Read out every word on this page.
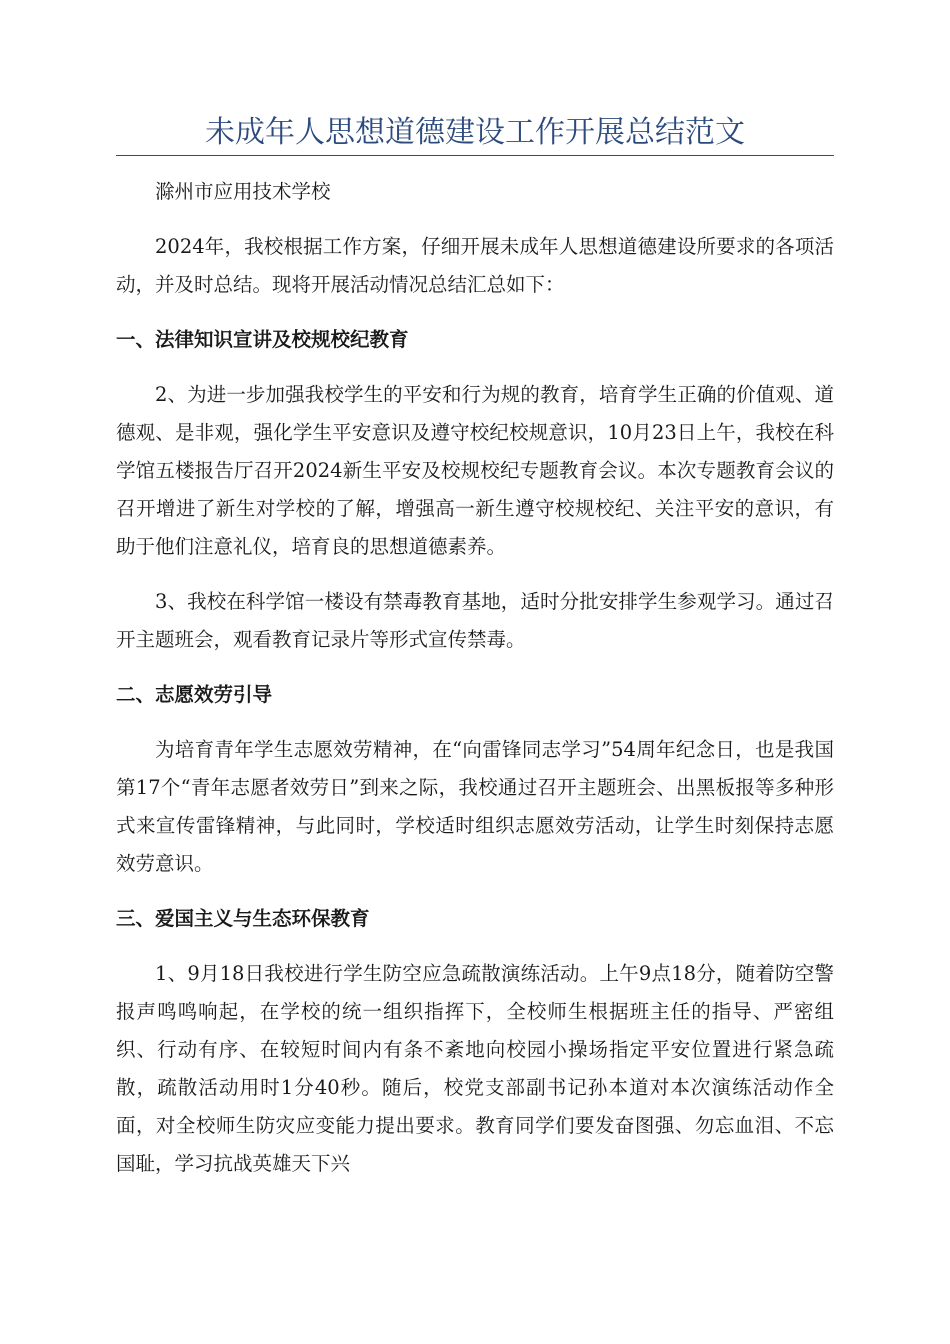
未成年人思想道德建设工作开展总结范文

滁州市应用技术学校

2024年，我校根据工作方案，仔细开展未成年人思想道德建设所要求的各项活动，并及时总结。现将开展活动情况总结汇总如下：

一、法律知识宣讲及校规校纪教育

2、为进一步加强我校学生的平安和行为规的教育，培育学生正确的价值观、道德观、是非观，强化学生平安意识及遵守校纪校规意识，10月23日上午，我校在科学馆五楼报告厅召开2024新生平安及校规校纪专题教育会议。本次专题教育会议的召开增进了新生对学校的了解，增强高一新生遵守校规校纪、关注平安的意识，有助于他们注意礼仪，培育良的思想道德素养。

3、我校在科学馆一楼设有禁毒教育基地，适时分批安排学生参观学习。通过召开主题班会，观看教育记录片等形式宣传禁毒。

二、志愿效劳引导

为培育青年学生志愿效劳精神，在“向雷锋同志学习”54周年纪念日，也是我国第17个“青年志愿者效劳日”到来之际，我校通过召开主题班会、出黑板报等多种形式来宣传雷锋精神，与此同时，学校适时组织志愿效劳活动，让学生时刻保持志愿效劳意识。

三、爱国主义与生态环保教育

1、9月18日我校进行学生防空应急疏散演练活动。上午9点18分，随着防空警报声鸣鸣响起，在学校的统一组织指挥下，全校师生根据班主任的指导、严密组织、行动有序、在较短时间内有条不紊地向校园小操场指定平安位置进行紧急疏散，疏散活动用时1分40秒。随后，校党支部副书记孙本道对本次演练活动作全面，对全校师生防灾应变能力提出要求。教育同学们要发奋图强、勿忘血泪、不忘国耻，学习抗战英雄天下兴
